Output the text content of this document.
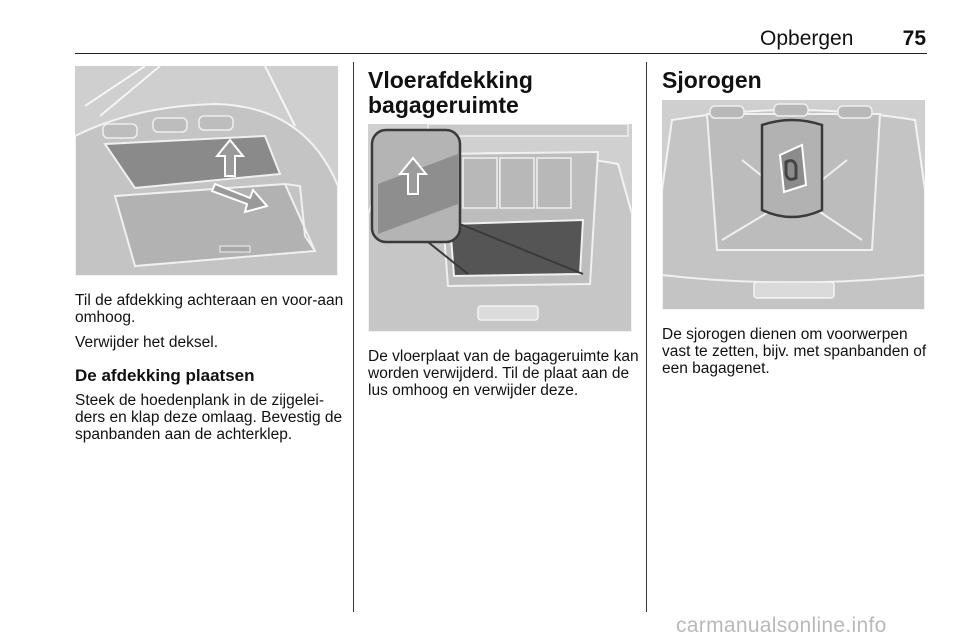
Opbergen	75

Til de afdekking achteraan en voor-aan omhoog.

Verwijder het deksel.

De afdekking plaatsen

Steek de hoedenplank in de zijgelei-ders en klap deze omlaag. Bevestig de spanbanden aan de achterklep.

Vloerafdekking
bagageruimte

De vloerplaat van de bagageruimte kan worden verwijderd. Til de plaat aan de lus omhoog en verwijder deze.

Sjorogen

De sjorogen dienen om voorwerpen vast te zetten, bijv. met spanbanden of een bagagenet.

carmanualsonline.info
